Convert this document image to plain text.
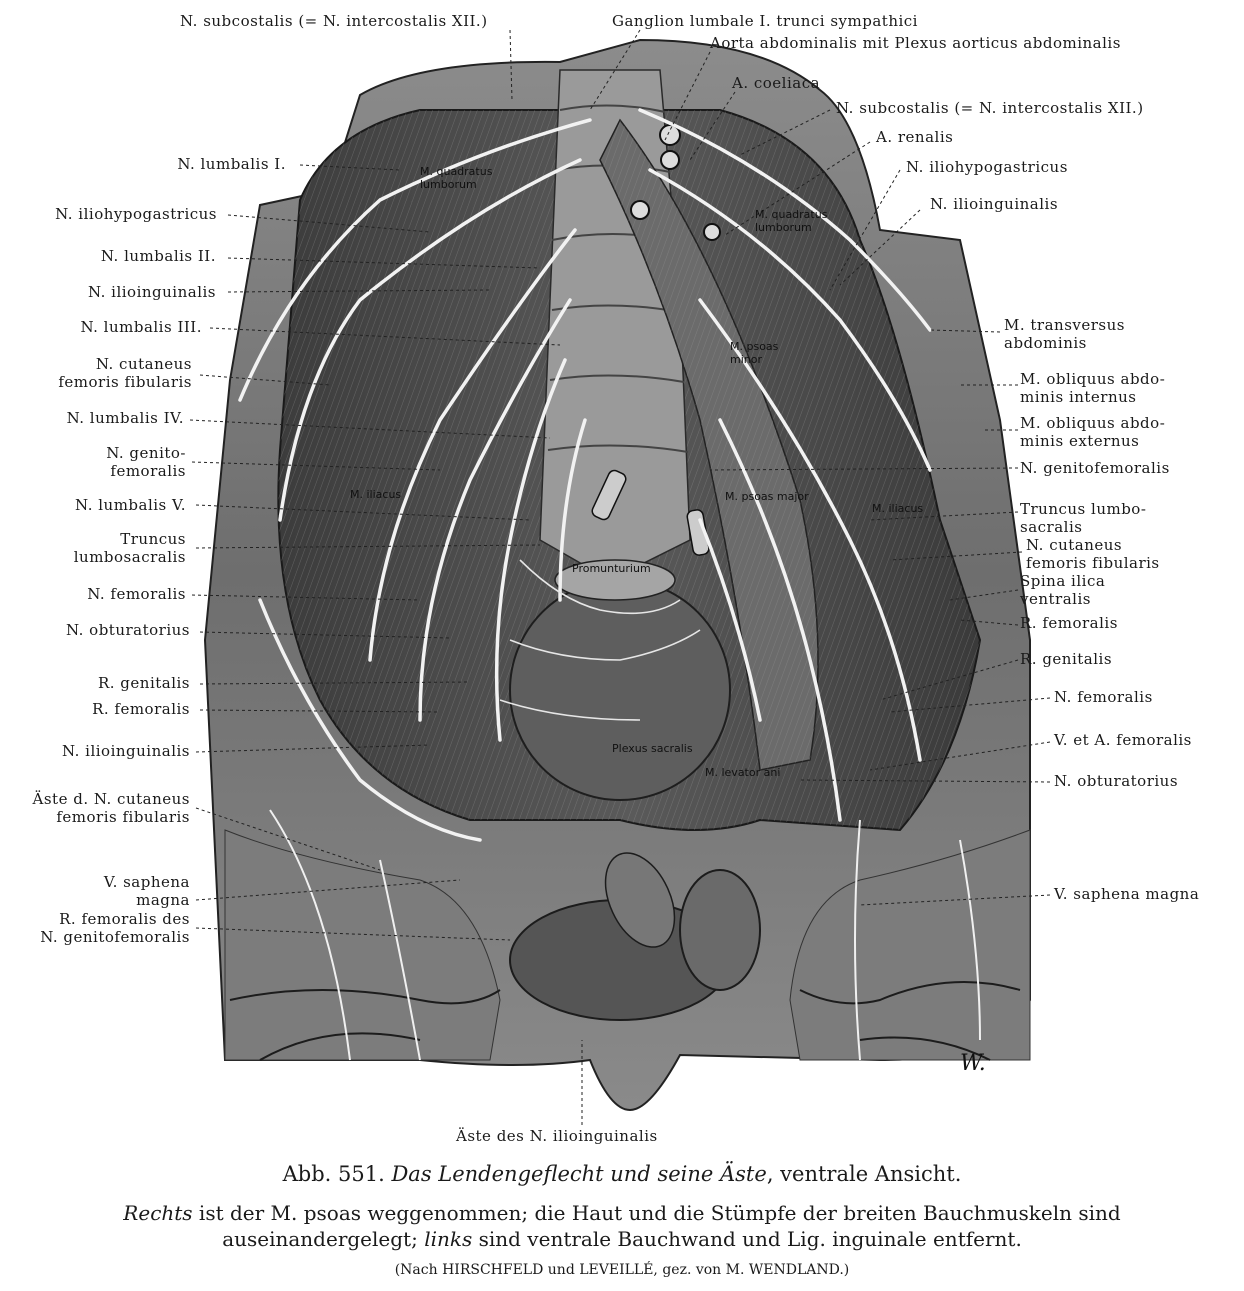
W.
M. quadratus
lumborum
M. quadratus
lumborum
M. psoas
minor
M. psoas major
M. iliacus
M. iliacus
Promunturium
Plexus sacralis
M. levator ani
N. subcostalis (= N. intercostalis XII.)	Ganglion lumbale I. trunci sympathici
Aorta abdominalis mit Plexus aorticus abdominalis
A. coeliaca
N. lumbalis I.
N. iliohypogastricus
N. lumbalis II.
N. ilioinguinalis
N. lumbalis III.
N. cutaneus
femoris fibularis
N. lumbalis IV.
N. genito-
femoralis
N. lumbalis V.
Truncus
lumbosacralis
N. femoralis
N. obturatorius
R. genitalis
R. femoralis
N. ilioinguinalis
Äste d. N. cutaneus
femoris fibularis
V. saphena
magna
R. femoralis des
N. genitofemoralis
N. subcostalis (= N. intercostalis XII.)
A. renalis
N. iliohypogastricus
N. ilioinguinalis
M. transversus
abdominis
M. obliquus abdo-
minis internus
M. obliquus abdo-
minis externus
N. genitofemoralis
Truncus lumbo-
sacralis
N. cutaneus
femoris fibularis
Spina ilica
ventralis
R. femoralis
R. genitalis
N. femoralis
V. et A. femoralis
N. obturatorius
V. saphena magna
Äste des N. ilioinguinalis
Abb. 551. Das Lendengeflecht und seine Äste, ventrale Ansicht.
Rechts ist der M. psoas weggenommen; die Haut und die Stümpfe der breiten Bauchmuskeln sind
auseinandergelegt; links sind ventrale Bauchwand und Lig. inguinale entfernt.
(Nach HIRSCHFELD und LEVEILLÉ, gez. von M. WENDLAND.)
